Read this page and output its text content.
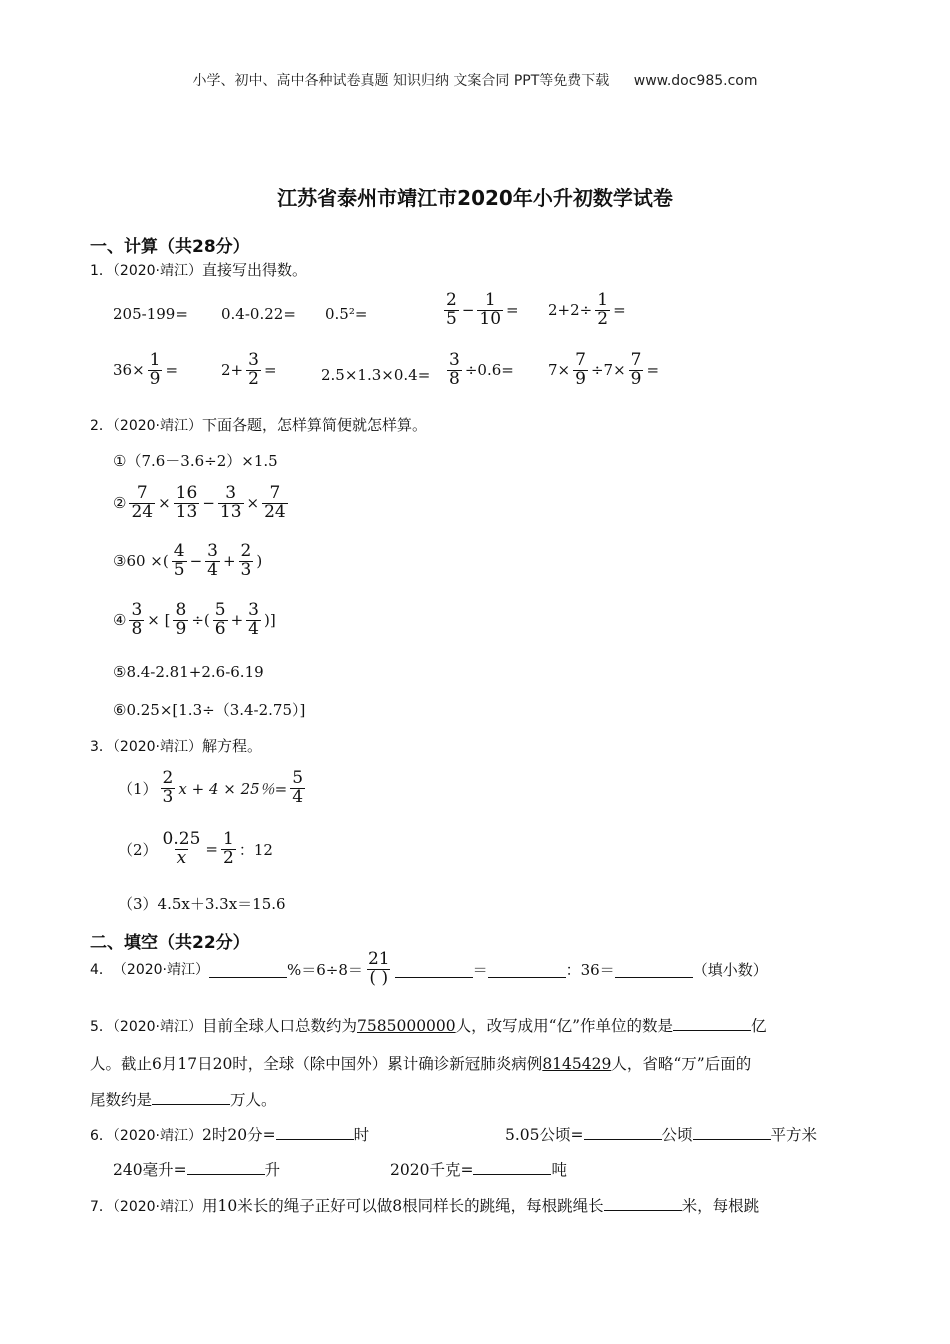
小学、初中、高中各种试卷真题 知识归纳 文案合同 PPT等免费下载 www.doc985.com
江苏省泰州市靖江市2020年小升初数学试卷
一、计算（共28分）
1．（2020·靖江）直接写出得数。
205-199= 0.4-0.22= 0.5²=	$\frac{2}{5} - \frac{1}{10} = 2+2\div \frac{1}{2}$ =
$36\times \frac{1}{9}$ =	$2+ \frac{3}{2}$ =	$2.5\times 1.3\times 0.4= \frac{3}{8} \div 0.6= 7\times \frac{7}{9} \div 7\times \frac{7}{9}$ =
2．（2020·靖江）下面各题，怎样算简便就怎样算。
①（7.6－3.6÷2）×1.5
② $\frac{7}{24} \times \frac{16}{13} - \frac{3}{13} \times \frac{7}{24}$
③ 60 ×( $\frac{4}{5} - \frac{3}{4} + \frac{2}{3}$ )
④ $\frac{3}{8}$ × [ $\frac{8}{9}$ ÷( $\frac{5}{6} + \frac{3}{4}$ )]
⑤8.4-2.81+2.6-6.19
⑥0.25×[1.3÷（3.4-2.75）]
3．（2020·靖江）解方程。
$(1) \frac{2}{3}$ x + 4 × 25％= $\frac{5}{4}$
$(2) \frac{0.25}{x} = \frac{1}{2}$ ：12
（3）4.5x＋3.3x＝15.6
二、填空（共22分）
4． （2020·靖江）	$\%=6\div 8= \frac{21}{( )}$	＝	：36＝	（填小数）
5．（2020·靖江）目前全球人口总数约为7585000000人，改写成用“亿”作单位的数是	亿
人。截止6月17日20时，全球（除中国外）累计确诊新冠肺炎病例8145429人，省略“万”后面的
尾数约是	万人。
6．（2020·靖江）2时20分=	时	5.05公顷=	公顷	平方米
240毫升=	升	2020千克=	吨
7．（2020·靖江）用10米长的绳子正好可以做8根同样长的跳绳，每根跳绳长	米，每根跳
